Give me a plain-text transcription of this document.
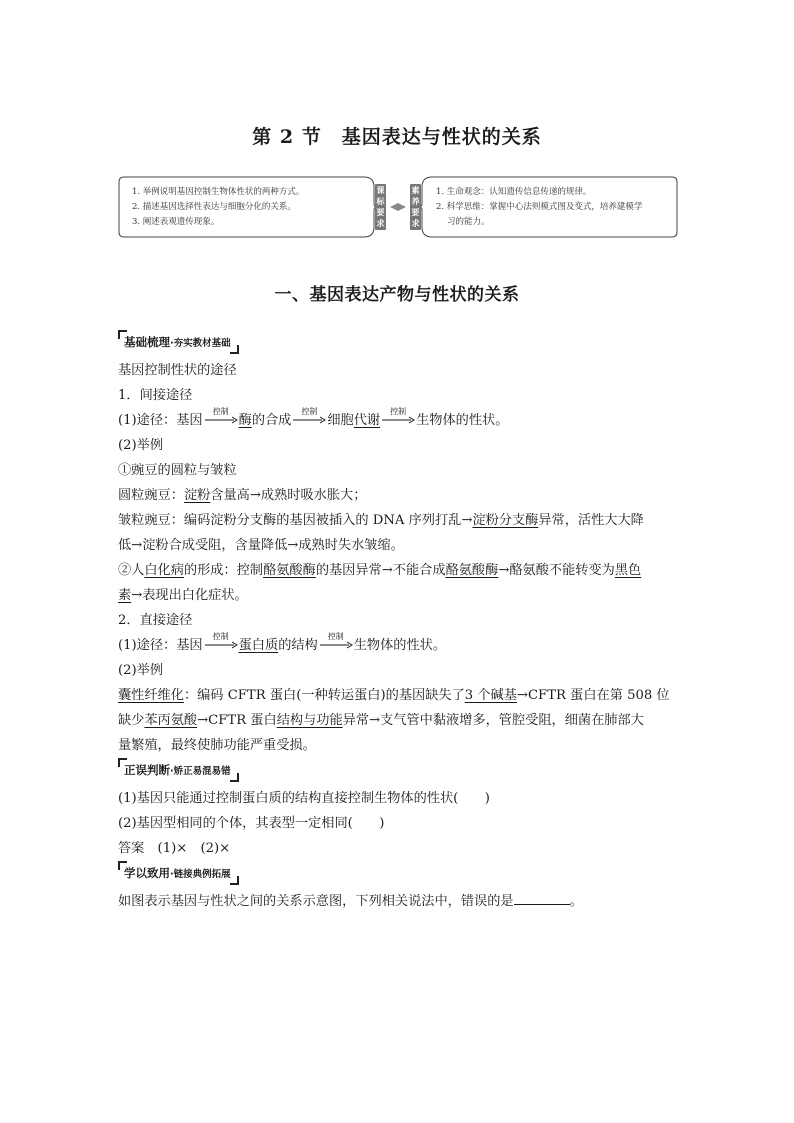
第 2 节　基因表达与性状的关系
1. 举例说明基因控制生物体性状的两种方式。
2. 描述基因选择性表达与细胞分化的关系。
3. 阐述表观遗传现象。
课标要求
素养要求
1. 生命观念：认知遗传信息传递的规律。
2. 科学思维：掌握中心法则模式图及变式，培养建模学
习的能力。
一、基因表达产物与性状的关系
基础梳理·夯实教材基础

基因控制性状的途径

1．间接途径

(1)途径：基因
控制
酶的合成
控制
细胞代谢
控制
生物体的性状。

(2)举例

①豌豆的圆粒与皱粒

圆粒豌豆：淀粉含量高→成熟时吸水胀大；

皱粒豌豆：编码淀粉分支酶的基因被插入的 DNA 序列打乱→淀粉分支酶异常，活性大大降

低→淀粉合成受阻，含量降低→成熟时失水皱缩。

②人白化病的形成：控制酪氨酸酶的基因异常→不能合成酪氨酸酶→酪氨酸不能转变为黑色

素→表现出白化症状。

2．直接途径

(1)途径：基因
控制
蛋白质的结构
控制
生物体的性状。

(2)举例

囊性纤维化：编码 CFTR 蛋白(一种转运蛋白)的基因缺失了3 个碱基→CFTR 蛋白在第 508 位

缺少苯丙氨酸→CFTR 蛋白结构与功能异常→支气管中黏液增多，管腔受阻，细菌在肺部大

量繁殖，最终使肺功能严重受损。

正误判断·矫正易混易错

(1)基因只能通过控制蛋白质的结构直接控制生物体的性状(　　)

(2)基因型相同的个体，其表型一定相同(　　)

答案　(1)×　(2)×

学以致用·链接典例拓展

如图表示基因与性状之间的关系示意图，下列相关说法中，错误的是	。
